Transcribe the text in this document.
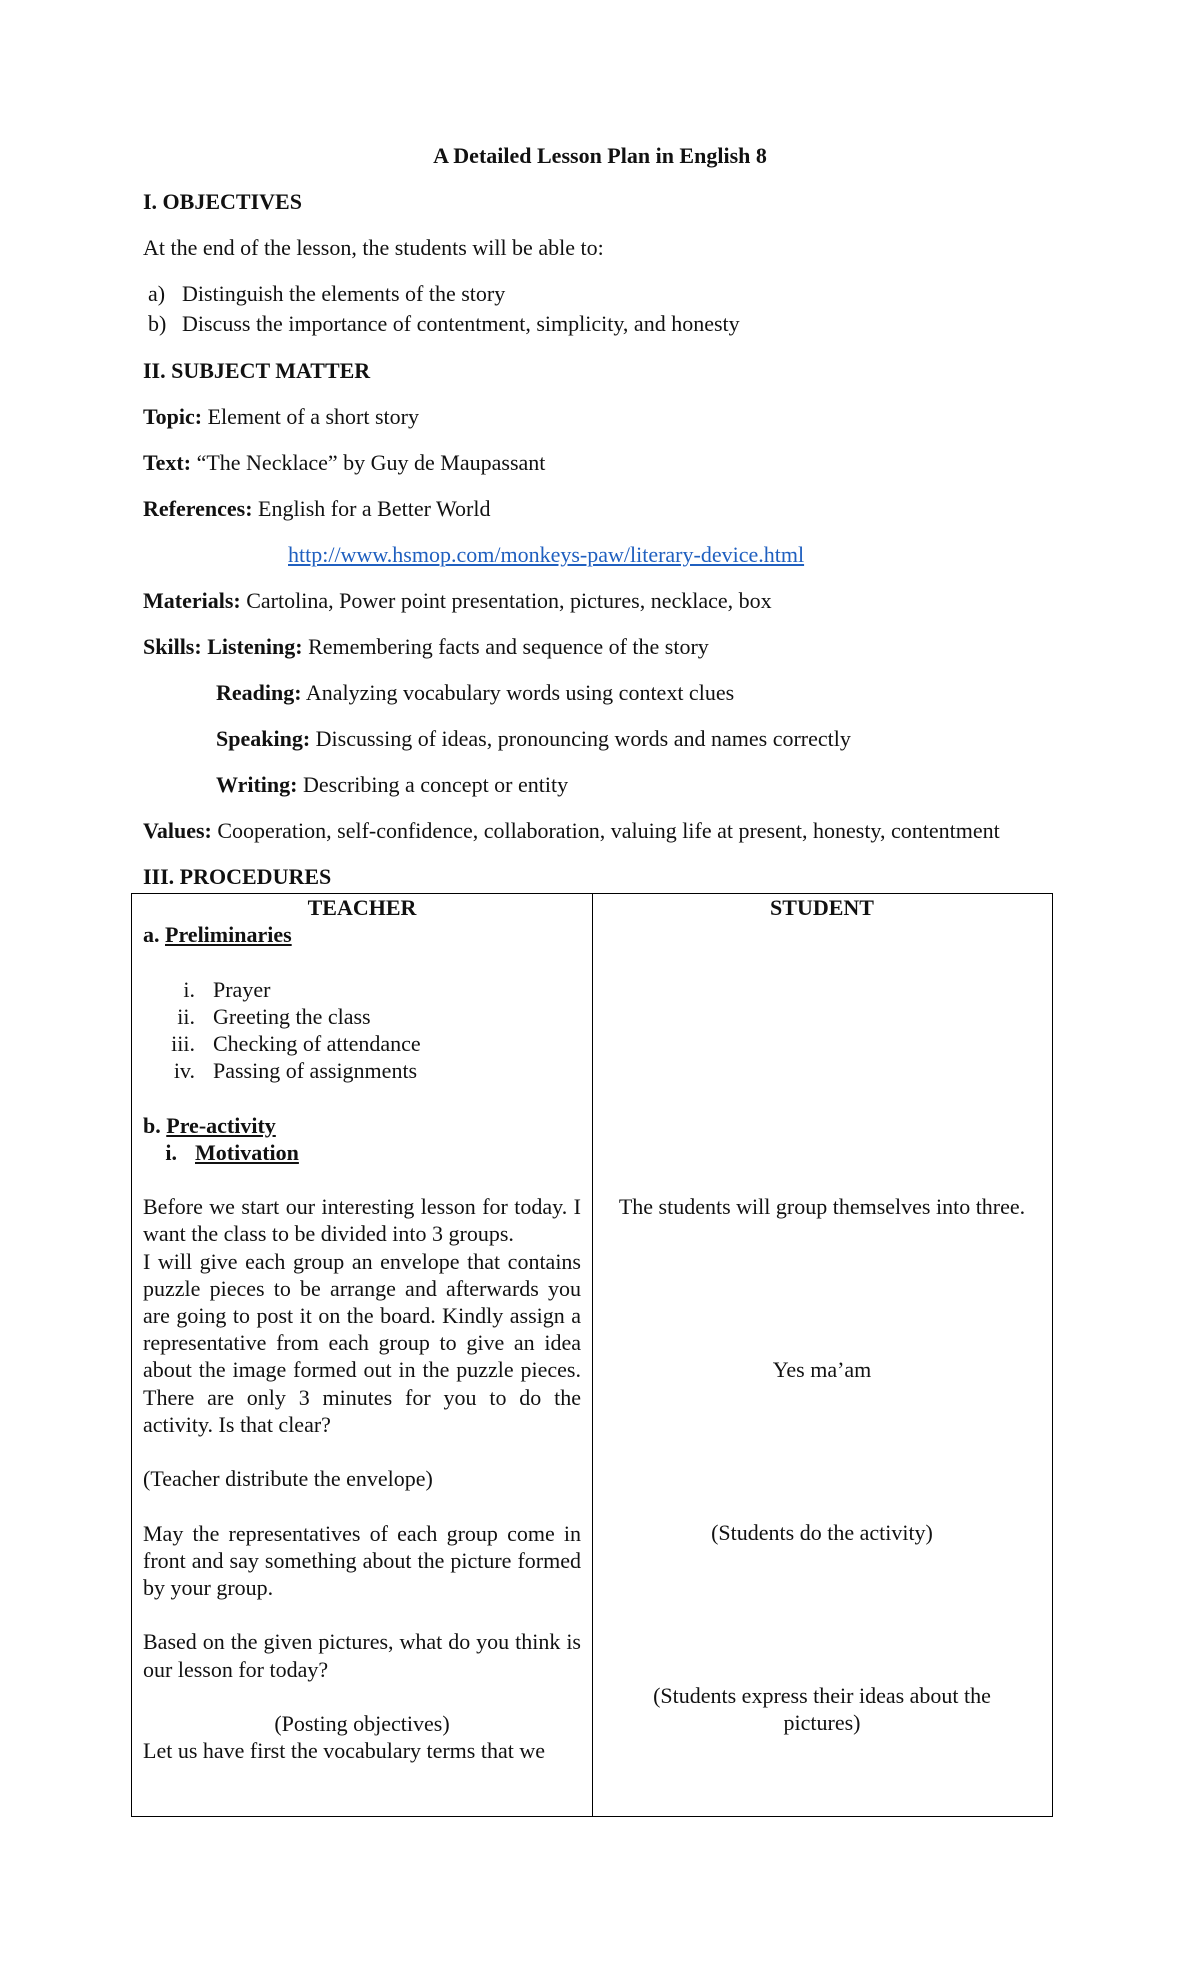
A Detailed Lesson Plan in English 8
I. OBJECTIVES
At the end of the lesson, the students will be able to:
a) Distinguish the elements of the story
b) Discuss the importance of contentment, simplicity, and honesty
II. SUBJECT MATTER
Topic: Element of a short story
Text: “The Necklace” by Guy de Maupassant
References: English for a Better World
http://www.hsmop.com/monkeys-paw/literary-device.html
Materials: Cartolina, Power point presentation, pictures, necklace, box
Skills: Listening: Remembering facts and sequence of the story
Reading: Analyzing vocabulary words using context clues
Speaking: Discussing of ideas, pronouncing words and names correctly
Writing: Describing a concept or entity
Values: Cooperation, self-confidence, collaboration, valuing life at present, honesty, contentment
III. PROCEDURES
TEACHER
a. Preliminaries
i. Prayer
ii. Greeting the class
iii. Checking of attendance
iv. Passing of assignments
b. Pre-activity
i. Motivation
Before we start our interesting lesson for today. I want the class to be divided into 3 groups.
I will give each group an envelope that contains puzzle pieces to be arrange and afterwards you are going to post it on the board. Kindly assign a representative from each group to give an idea about the image formed out in the puzzle pieces. There are only 3 minutes for you to do the activity. Is that clear?
(Teacher distribute the envelope)
May the representatives of each group come in front and say something about the picture formed by your group.
Based on the given pictures, what do you think is our lesson for today?
(Posting objectives)
Let us have first the vocabulary terms that we
STUDENT
The students will group themselves into three.
Yes ma’am
(Students do the activity)
(Students express their ideas about the pictures)
